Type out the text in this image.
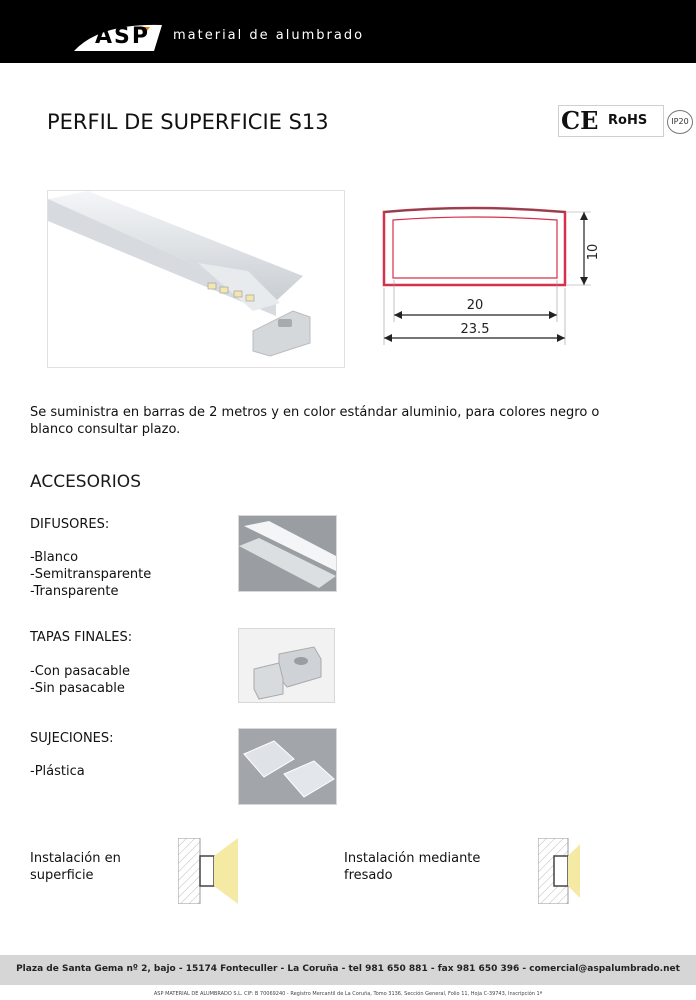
ASP material de alumbrado
PERFIL DE SUPERFICIE S13	CE RoHS	IP20
10
20
23.5
Se suministra en barras de 2 metros y en color estándar aluminio, para colores negro o blanco consultar plazo.
ACCESORIOS
DIFUSORES:
-Blanco
-Semitransparente
-Transparente
TAPAS FINALES:
-Con pasacable
-Sin pasacable
SUJECIONES:
-Plástica
Instalación en
superficie
Instalación mediante
fresado
Plaza de Santa Gema nº 2, bajo - 15174 Fonteculler - La Coruña - tel 981 650 881 - fax 981 650 396 - comercial@aspalumbrado.net
ASP MATERIAL DE ALUMBRADO S.L. CIF: B 70069240 - Registro Mercantil de La Coruña, Tomo 3136, Sección General, Folio 11, Hoja C-39743, Inscripción 1ª
